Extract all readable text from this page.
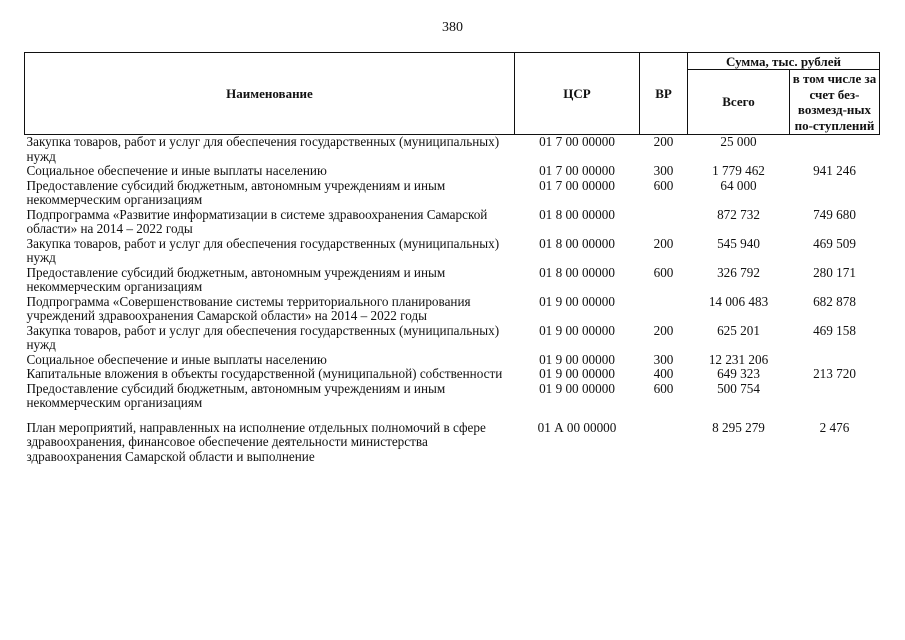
380
Наименование	ЦСР	ВР	Сумма, тыс. рублей	
			Всего	в том числе за счет без-возмезд-ных по-ступлений
Закупка товаров, работ и услуг для обеспечения государственных (муниципальных) нужд	01 7 00 00000	200	25 000	
Социальное обеспечение и иные выплаты населению	01 7 00 00000	300	1 779 462	941 246
Предоставление субсидий бюджетным, автономным учреждениям и иным некоммерческим организациям	01 7 00 00000	600	64 000	
Подпрограмма «Развитие информатизации в системе здравоохранения Самарской области» на 2014 – 2022 годы	01 8 00 00000		872 732	749 680
Закупка товаров, работ и услуг для обеспечения государственных (муниципальных) нужд	01 8 00 00000	200	545 940	469 509
Предоставление субсидий бюджетным, автономным учреждениям и иным некоммерческим организациям	01 8 00 00000	600	326 792	280 171
Подпрограмма «Совершенствование системы территориального планирования учреждений здравоохранения Самарской области» на 2014 – 2022 годы	01 9 00 00000		14 006 483	682 878
Закупка товаров, работ и услуг для обеспечения государственных (муниципальных) нужд	01 9 00 00000	200	625 201	469 158
Социальное обеспечение и иные выплаты населению	01 9 00 00000	300	12 231 206	
Капитальные вложения в объекты государственной (муниципальной) собственности	01 9 00 00000	400	649 323	213 720
Предоставление субсидий бюджетным, автономным учреждениям и иным некоммерческим организациям	01 9 00 00000	600	500 754	
План мероприятий, направленных на исполнение отдельных полномочий в сфере здравоохранения, финансовое обеспечение деятельности министерства здравоохранения Самарской области и выполнение	01 А 00 00000		8 295 279	2 476
